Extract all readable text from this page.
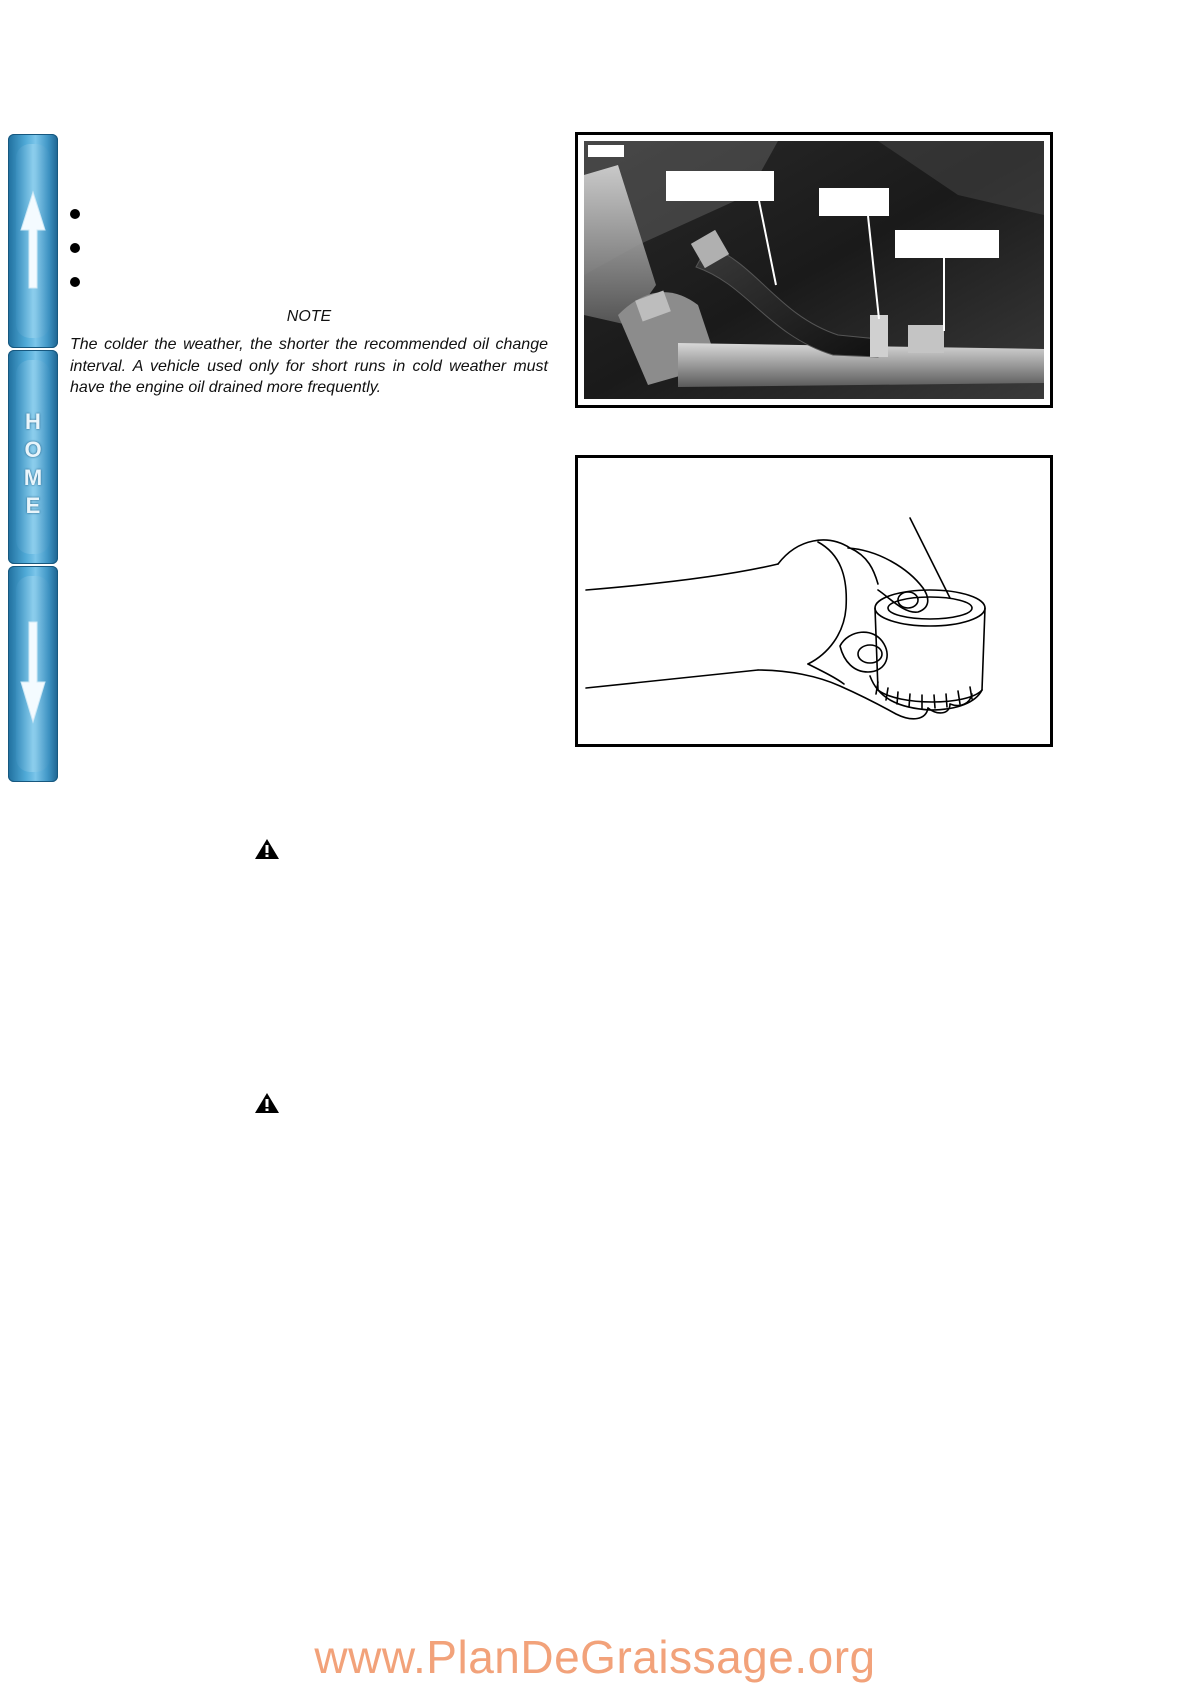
H
O
M
E
NOTE
The colder the weather, the shorter the recommended oil change interval. A vehicle used only for short runs in cold weather must have the engine oil drained more frequently.
www.PlanDeGraissage.org
